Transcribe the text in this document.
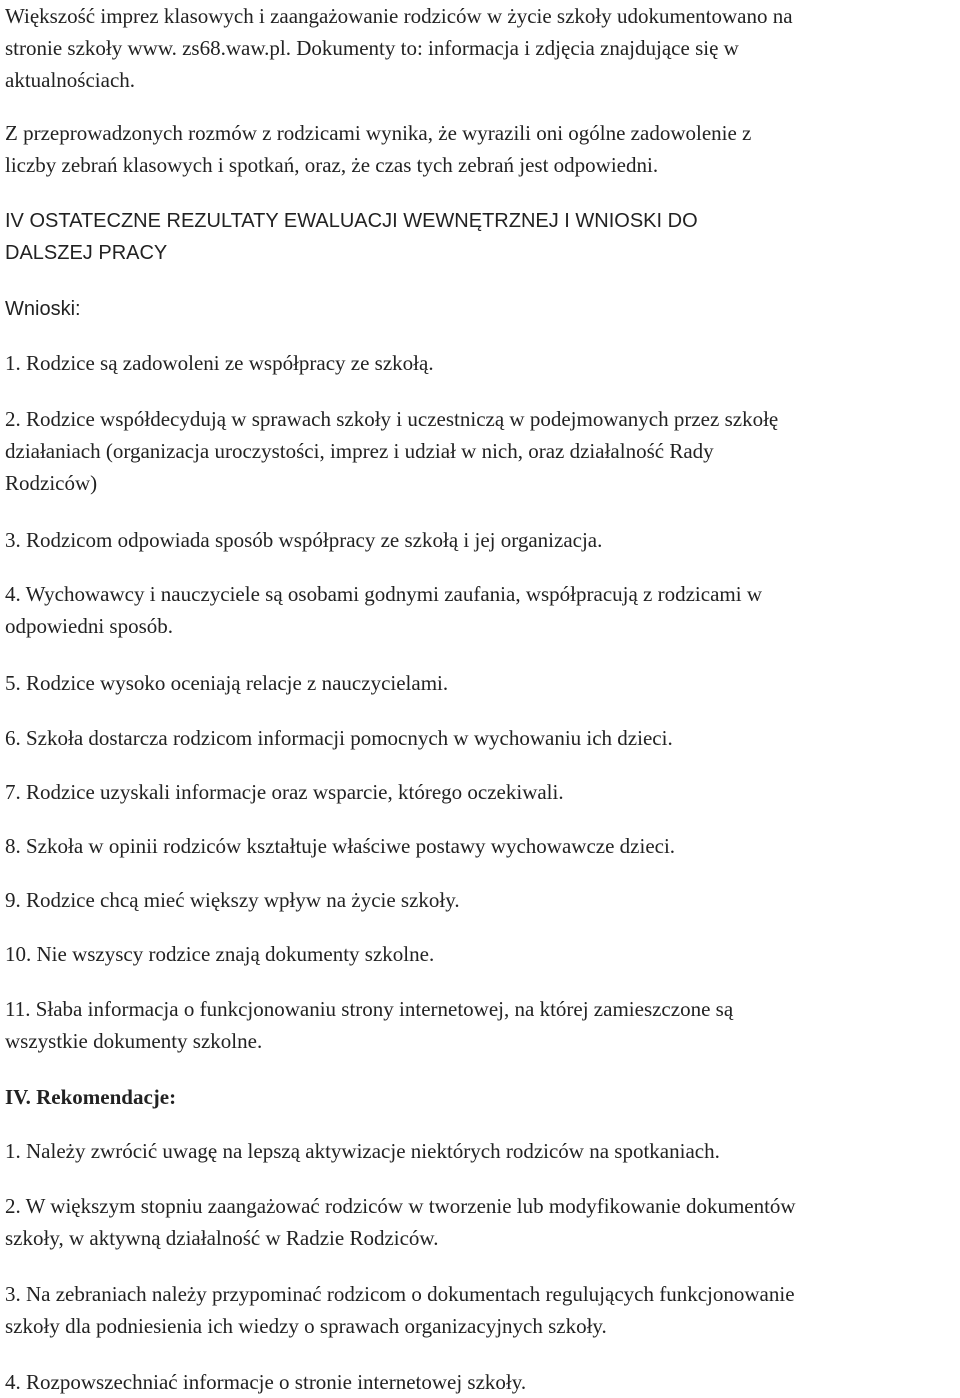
Większość imprez klasowych i zaangażowanie rodziców w życie szkoły udokumentowano na
stronie szkoły www. zs68.waw.pl. Dokumenty to: informacja i zdjęcia znajdujące się w
aktualnościach.
Z przeprowadzonych rozmów z rodzicami wynika, że wyrazili oni ogólne zadowolenie z
liczby zebrań klasowych i spotkań, oraz, że czas tych zebrań jest odpowiedni.
IV OSTATECZNE REZULTATY EWALUACJI WEWNĘTRZNEJ I WNIOSKI DO
DALSZEJ PRACY
Wnioski:
1. Rodzice są zadowoleni ze współpracy ze szkołą.
2. Rodzice współdecydują w sprawach szkoły i uczestniczą w podejmowanych przez szkołę
działaniach (organizacja uroczystości, imprez i udział w nich, oraz działalność Rady
Rodziców)
3. Rodzicom odpowiada sposób współpracy ze szkołą i jej organizacja.
4. Wychowawcy i nauczyciele są osobami godnymi zaufania, współpracują z rodzicami w
odpowiedni sposób.
5. Rodzice wysoko oceniają relacje z nauczycielami.
6. Szkoła dostarcza rodzicom informacji pomocnych w wychowaniu ich dzieci.
7. Rodzice uzyskali informacje oraz wsparcie, którego oczekiwali.
8. Szkoła w opinii rodziców kształtuje właściwe postawy wychowawcze dzieci.
9. Rodzice chcą mieć większy wpływ na życie szkoły.
10. Nie wszyscy rodzice znają dokumenty szkolne.
11. Słaba informacja o funkcjonowaniu strony internetowej, na której zamieszczone są
wszystkie dokumenty szkolne.
IV. Rekomendacje:
1. Należy zwrócić uwagę na lepszą aktywizacje niektórych rodziców na spotkaniach.
2. W większym stopniu zaangażować rodziców w tworzenie lub modyfikowanie dokumentów
szkoły, w aktywną działalność w Radzie Rodziców.
3. Na zebraniach należy przypominać rodzicom o dokumentach regulujących funkcjonowanie
szkoły dla podniesienia ich wiedzy o sprawach organizacyjnych szkoły.
4. Rozpowszechniać informacje o stronie internetowej szkoły.
